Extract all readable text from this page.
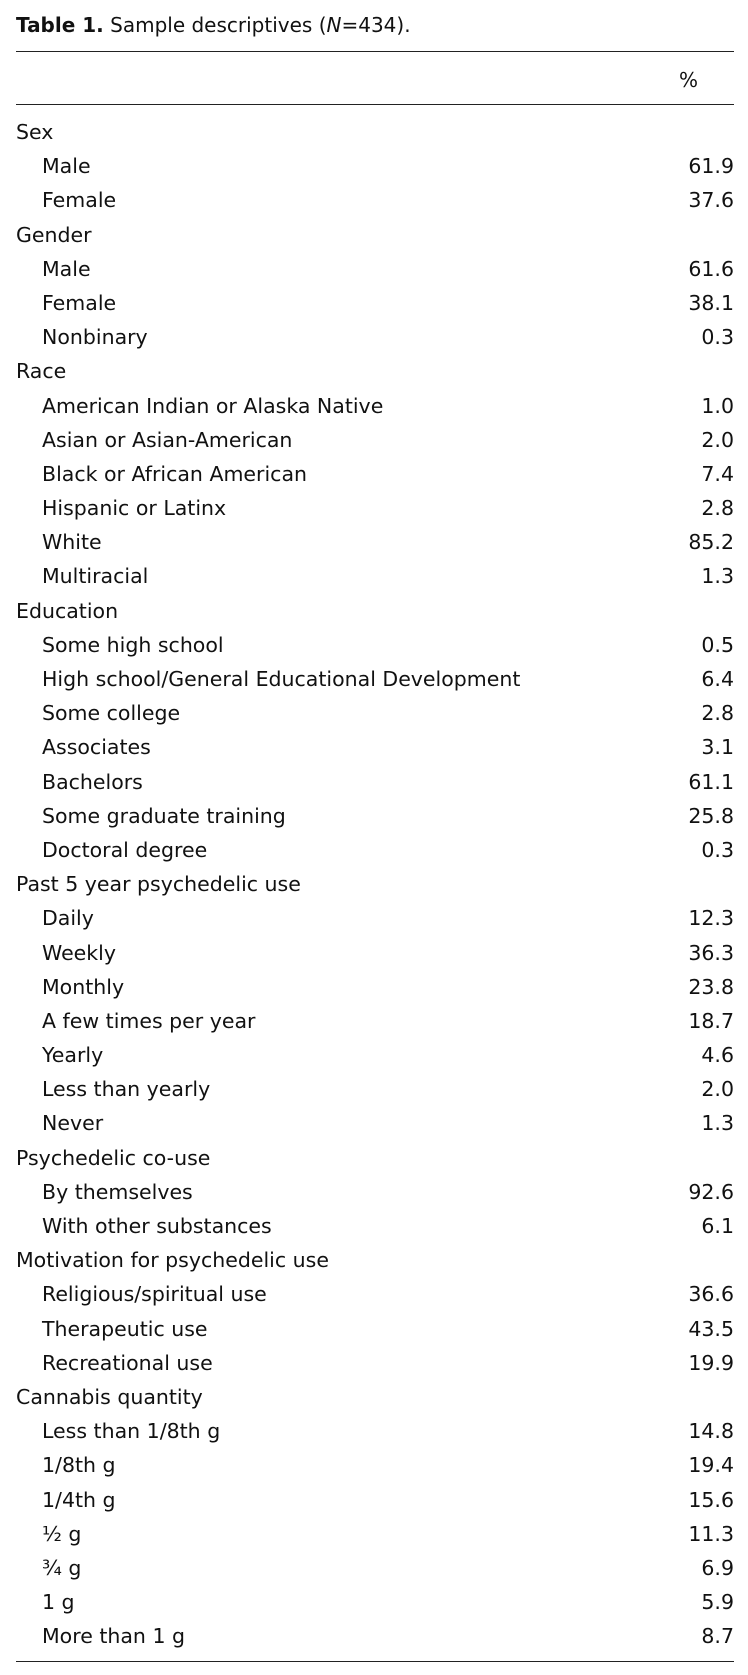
Table 1. Sample descriptives (N=434).
%
Sex
Male	61.9
Female	37.6
Gender
Male	61.6
Female	38.1
Nonbinary	0.3
Race
American Indian or Alaska Native	1.0
Asian or Asian-American	2.0
Black or African American	7.4
Hispanic or Latinx	2.8
White	85.2
Multiracial	1.3
Education
Some high school	0.5
High school/General Educational Development	6.4
Some college	2.8
Associates	3.1
Bachelors	61.1
Some graduate training	25.8
Doctoral degree	0.3
Past 5 year psychedelic use
Daily	12.3
Weekly	36.3
Monthly	23.8
A few times per year	18.7
Yearly	4.6
Less than yearly	2.0
Never	1.3
Psychedelic co-use
By themselves	92.6
With other substances	6.1
Motivation for psychedelic use
Religious/spiritual use	36.6
Therapeutic use	43.5
Recreational use	19.9
Cannabis quantity
Less than 1/8th g	14.8
1/8th g	19.4
1/4th g	15.6
½ g	11.3
¾ g	6.9
1 g	5.9
More than 1 g	8.7
